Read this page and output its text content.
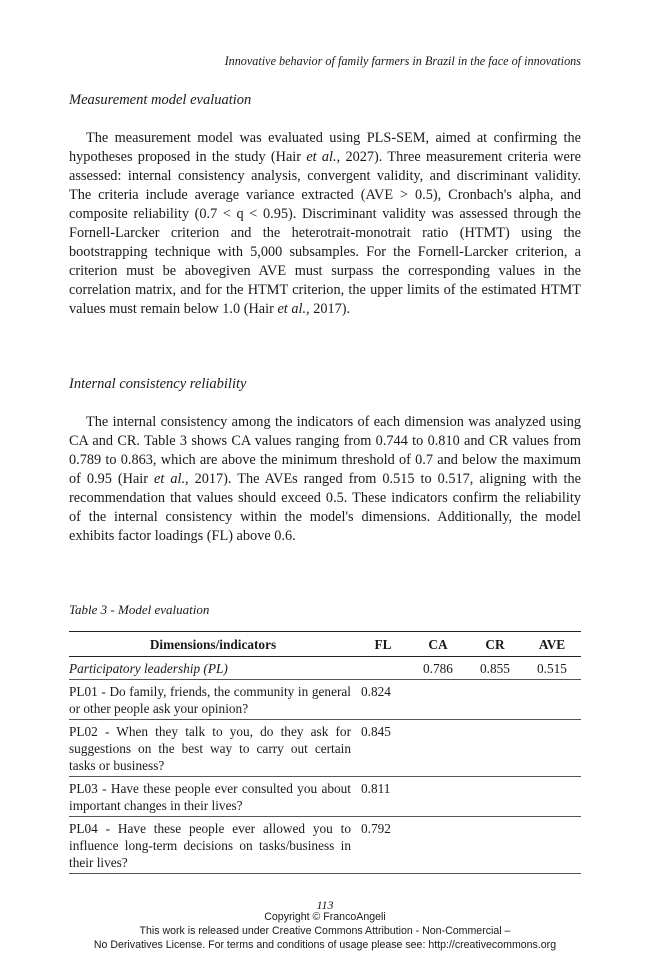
Innovative behavior of family farmers in Brazil in the face of innovations
Measurement model evaluation

The measurement model was evaluated using PLS-SEM, aimed at confirming the hypotheses proposed in the study (Hair et al., 2027). Three measurement criteria were assessed: internal consistency analysis, convergent validity, and discriminant validity. The criteria include average variance extracted (AVE > 0.5), Cronbach's alpha, and composite reliability (0.7 < q < 0.95). Discriminant validity was assessed through the Fornell-Larcker criterion and the heterotrait-monotrait ratio (HTMT) using the bootstrapping technique with 5,000 subsamples. For the Fornell-Larcker criterion, a criterion must be abovegiven AVE must surpass the corresponding values in the correlation matrix, and for the HTMT criterion, the upper limits of the estimated HTMT values must remain below 1.0 (Hair et al., 2017).

Internal consistency reliability

The internal consistency among the indicators of each dimension was analyzed using CA and CR. Table 3 shows CA values ranging from 0.744 to 0.810 and CR values from 0.789 to 0.863, which are above the minimum threshold of 0.7 and below the maximum of 0.95 (Hair et al., 2017). The AVEs ranged from 0.515 to 0.517, aligning with the recommendation that values should exceed 0.5. These indicators confirm the reliability of the internal consistency within the model's dimensions. Additionally, the model exhibits factor loadings (FL) above 0.6.

Table 3 - Model evaluation
Dimensions/indicators	FL	CA	CR	AVE
Participatory leadership (PL)		0.786	0.855	0.515
PL01 - Do family, friends, the community in general or other people ask your opinion?	0.824			
PL02 - When they talk to you, do they ask for suggestions on the best way to carry out certain tasks or business?	0.845			
PL03 - Have these people ever consulted you about important changes in their lives?	0.811			
PL04 - Have these people ever allowed you to influence long-term decisions on tasks/business in their lives?	0.792			
113
Copyright © FrancoAngeli
This work is released under Creative Commons Attribution - Non-Commercial –
No Derivatives License. For terms and conditions of usage please see: http://creativecommons.org
